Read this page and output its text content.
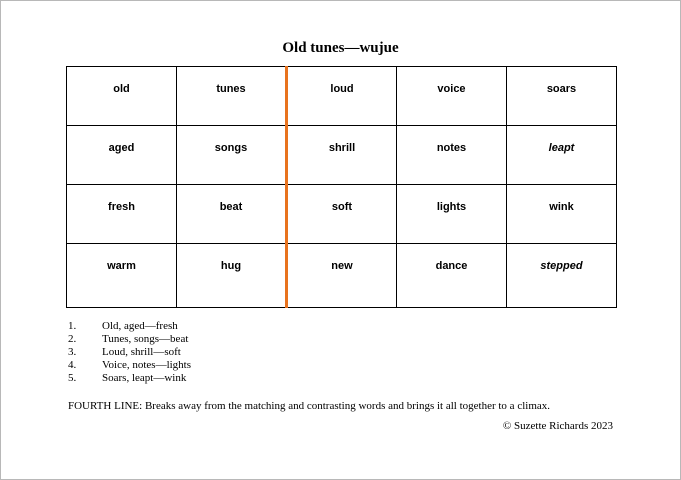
Old tunes—wujue
old	tunes	loud	voice	soars
aged	songs	shrill	notes	leapt
fresh	beat	soft	lights	wink
warm	hug	new	dance	stepped
1.	Old, aged—fresh
2.	Tunes, songs—beat
3.	Loud, shrill—soft
4.	Voice, notes—lights
5.	Soars, leapt—wink
FOURTH LINE: Breaks away from the matching and contrasting words and brings it all together to a climax.
© Suzette Richards 2023
